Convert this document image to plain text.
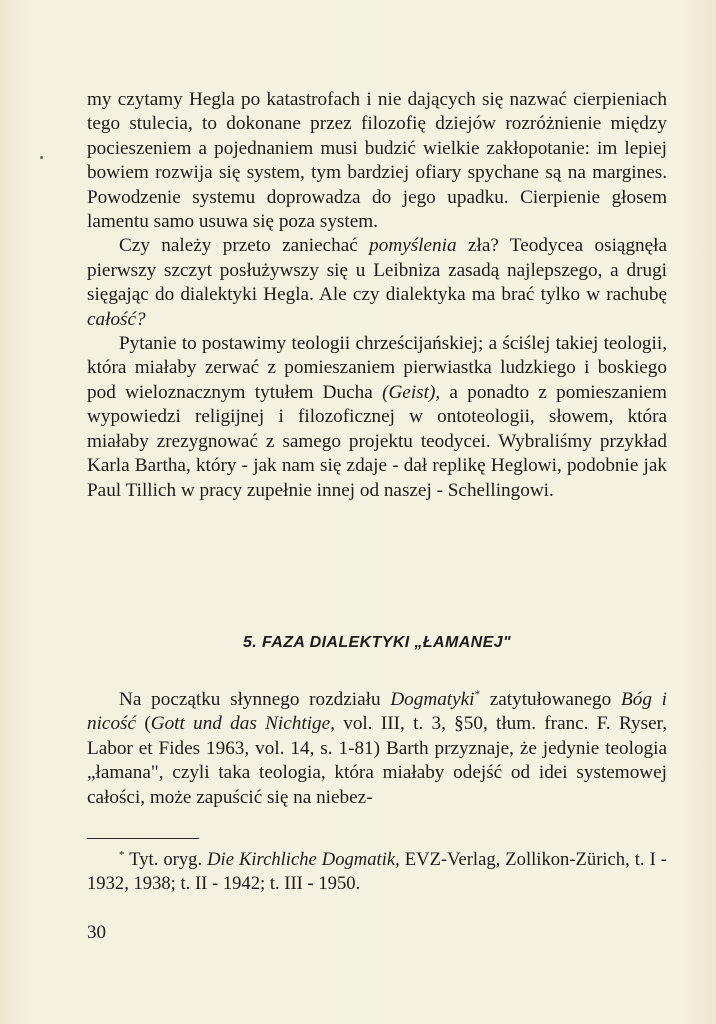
my czytamy Hegla po katastrofach i nie dających się nazwać cierpieniach tego stulecia, to dokonane przez filozofię dziejów rozróżnienie między pocieszeniem a pojednaniem musi budzić wielkie zakłopotanie: im lepiej bowiem rozwija się system, tym bardziej ofiary spychane są na margines. Powodzenie systemu doprowadza do jego upadku. Cierpienie głosem lamentu samo usuwa się poza system.

Czy należy przeto zaniechać pomyślenia zła? Teodycea osiągnęła pierwszy szczyt posłużywszy się u Leibniza zasadą najlepszego, a drugi sięgając do dialektyki Hegla. Ale czy dialektyka ma brać tylko w rachubę całość?

Pytanie to postawimy teologii chrześcijańskiej; a ściślej takiej teologii, która miałaby zerwać z pomieszaniem pierwiastka ludzkiego i boskiego pod wieloznacznym tytułem Ducha (Geist), a ponadto z pomieszaniem wypowiedzi religijnej i filozoficznej w ontoteologii, słowem, która miałaby zrezygnować z samego projektu teodycei. Wybraliśmy przykład Karla Bartha, który - jak nam się zdaje - dał replikę Heglowi, podobnie jak Paul Tillich w pracy zupełnie innej od naszej - Schellingowi.

5. FAZA DIALEKTYKI „ŁAMANEJ"

Na początku słynnego rozdziału Dogmatyki* zatytułowanego Bóg i nicość (Gott und das Nichtige, vol. III, t. 3, §50, tłum. franc. F. Ryser, Labor et Fides 1963, vol. 14, s. 1-81) Barth przyznaje, że jedynie teologia „łamana", czyli taka teologia, która miałaby odejść od idei systemowej całości, może zapuścić się na niebez-

* Tyt. oryg. Die Kirchliche Dogmatik, EVZ-Verlag, Zollikon-Zürich, t. I - 1932, 1938; t. II - 1942; t. III - 1950.

30
